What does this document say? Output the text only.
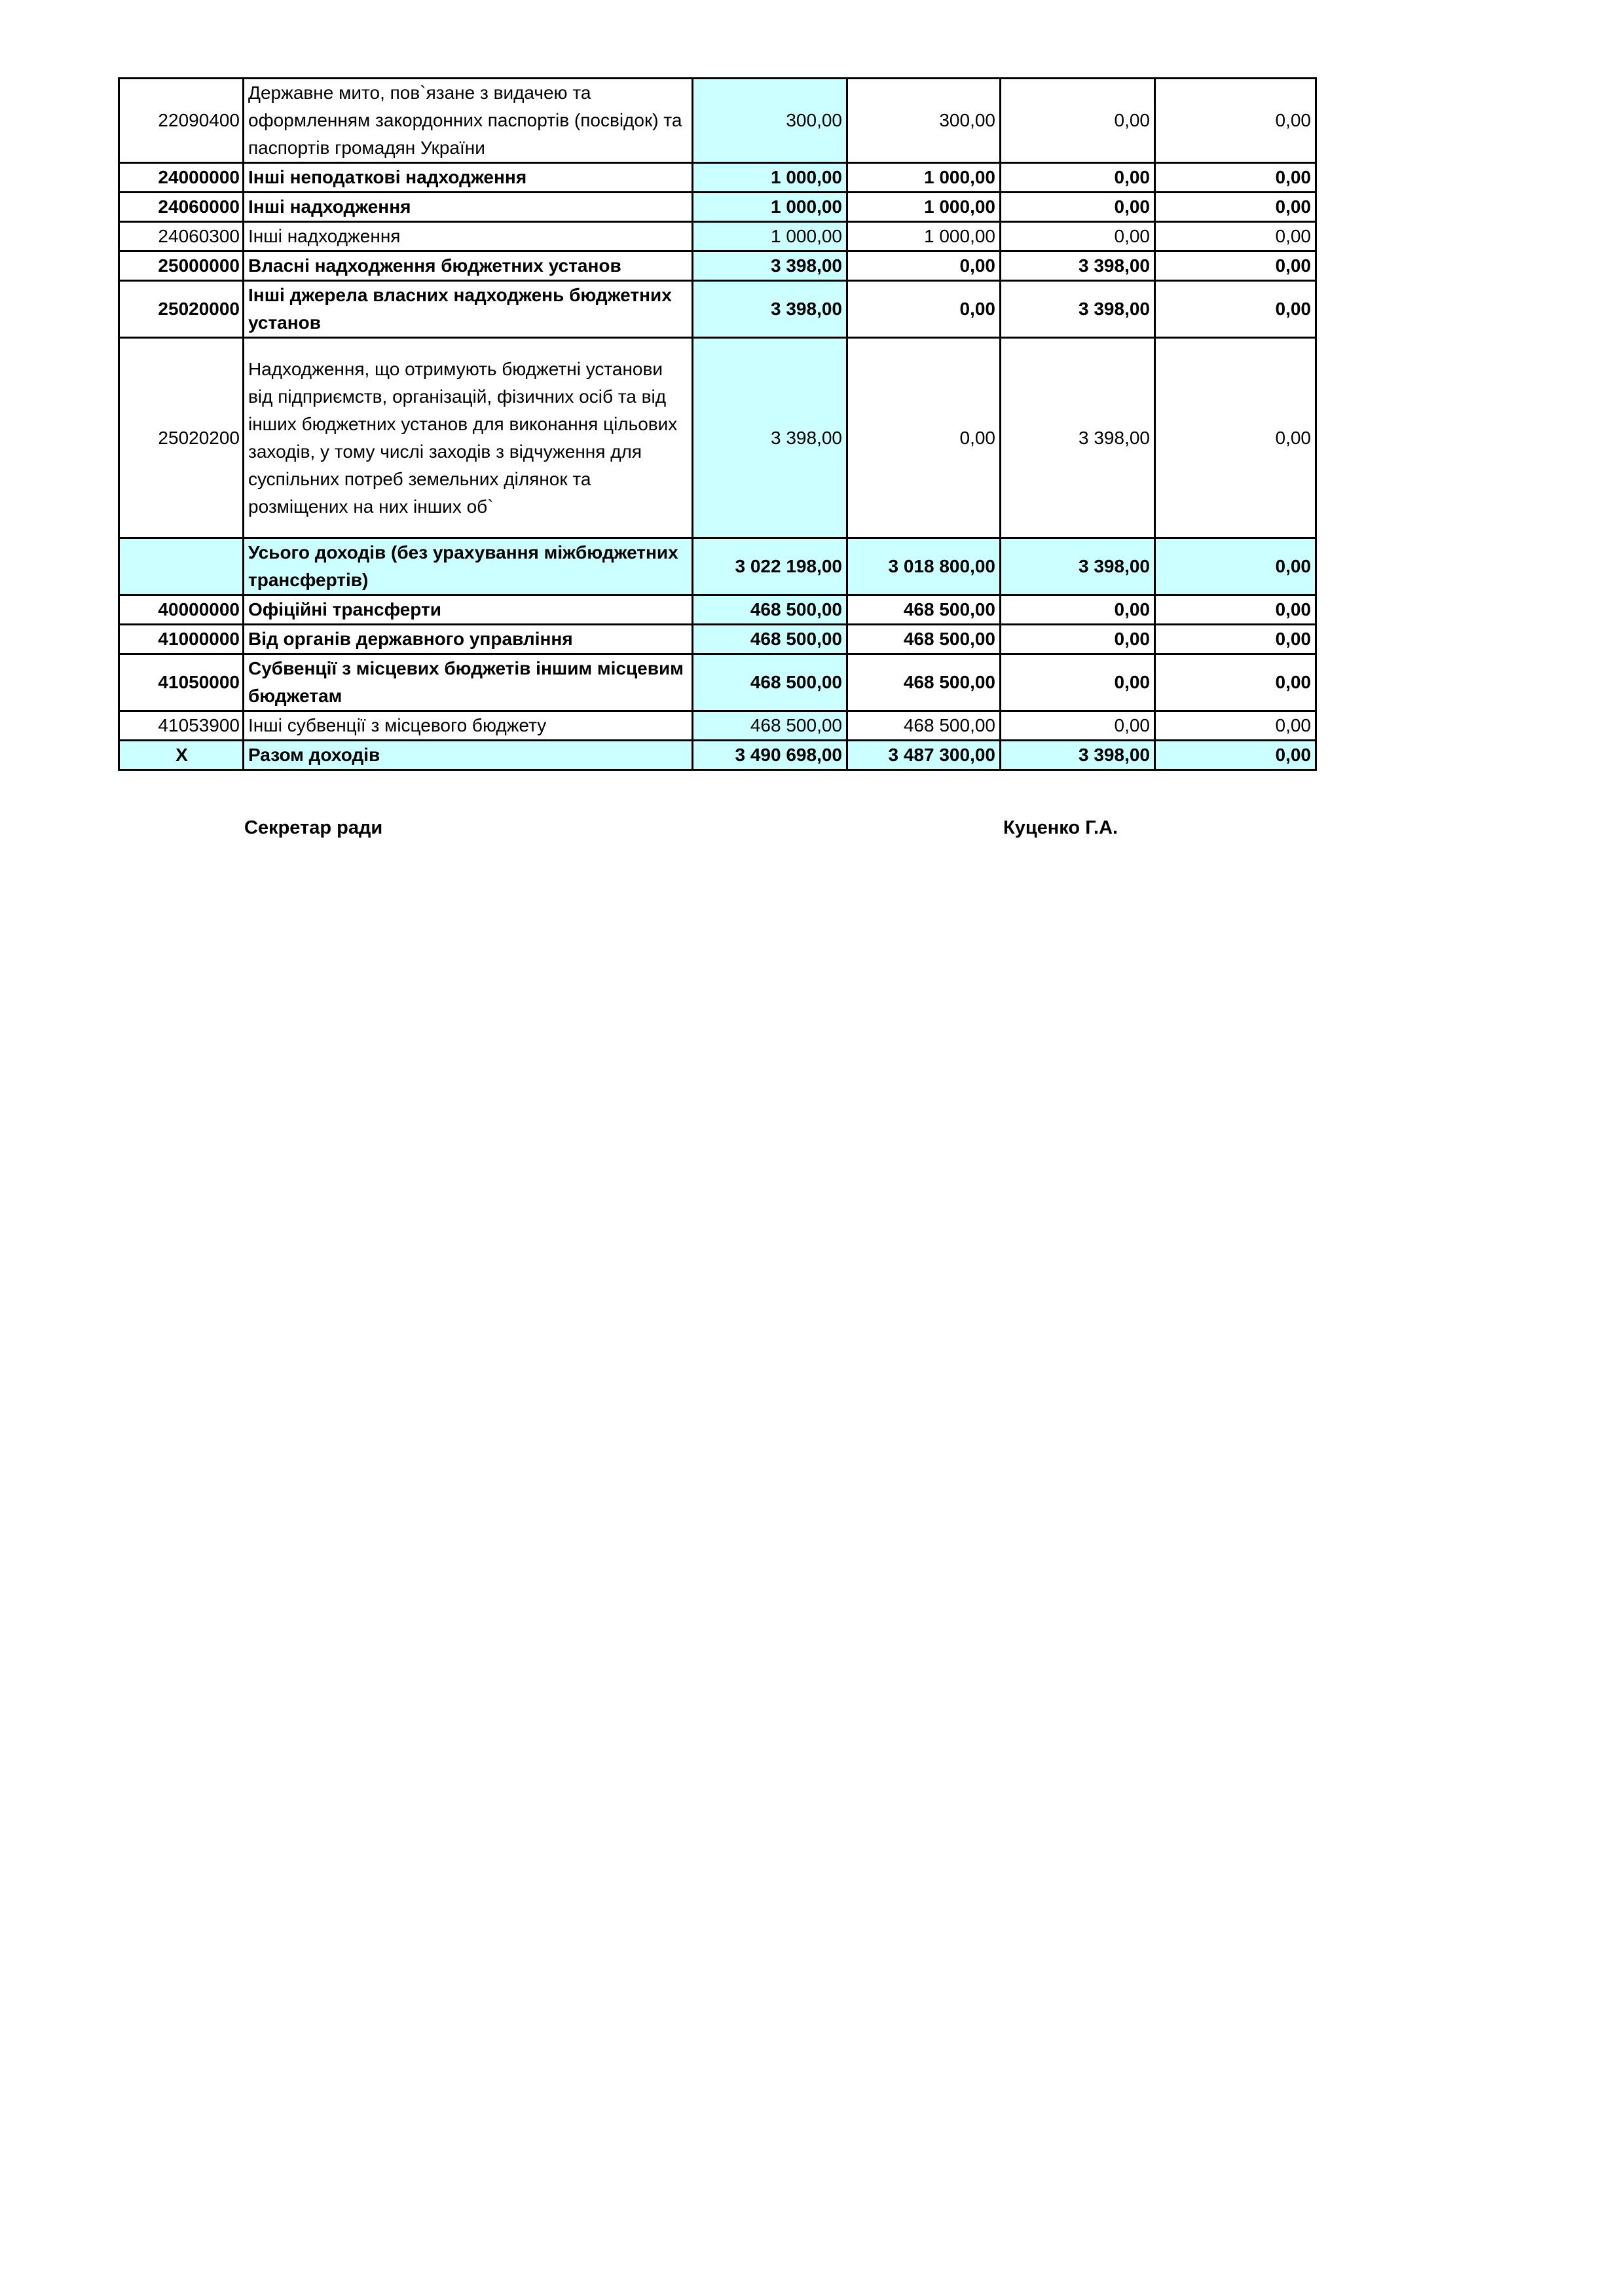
22090400	Державне мито, пов`язане з видачею та оформленням закордонних паспортів (посвідок) та паспортів громадян України	300,00	300,00	0,00	0,00
24000000	Інші неподаткові надходження	1 000,00	1 000,00	0,00	0,00
24060000	Інші надходження	1 000,00	1 000,00	0,00	0,00
24060300	Інші надходження	1 000,00	1 000,00	0,00	0,00
25000000	Власні надходження бюджетних установ	3 398,00	0,00	3 398,00	0,00
25020000	Інші джерела власних надходжень бюджетних установ	3 398,00	0,00	3 398,00	0,00
25020200	Надходження, що отримують бюджетні установи від підприємств, організацій, фізичних осіб та від інших бюджетних установ для виконання цільових заходів, у тому числі заходів з відчуження для суспільних потреб земельних ділянок та розміщених на них інших об`	3 398,00	0,00	3 398,00	0,00
	Усього доходів (без урахування міжбюджетних трансфертів)	3 022 198,00	3 018 800,00	3 398,00	0,00
40000000	Офіційні трансферти	468 500,00	468 500,00	0,00	0,00
41000000	Від органів державного управління	468 500,00	468 500,00	0,00	0,00
41050000	Субвенції з місцевих бюджетів іншим місцевим бюджетам	468 500,00	468 500,00	0,00	0,00
41053900	Інші субвенції з місцевого бюджету	468 500,00	468 500,00	0,00	0,00
X	Разом доходів	3 490 698,00	3 487 300,00	3 398,00	0,00
Секретар ради	Куценко Г.А.
